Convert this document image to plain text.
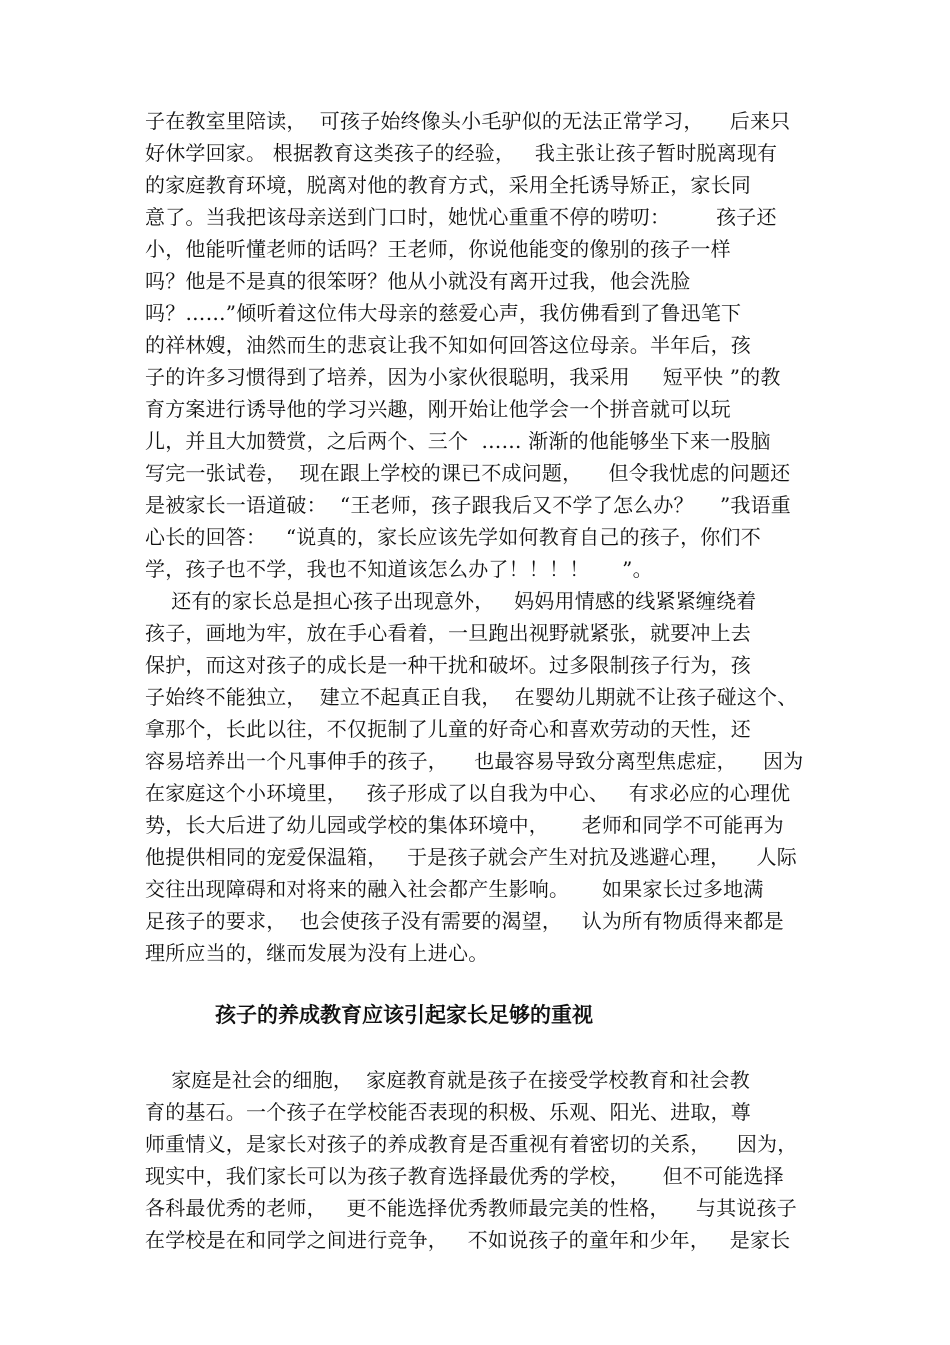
子在教室里陪读，  可孩子始终像头小毛驴似的无法正常学习，    后来只

好休学回家。 根据教育这类孩子的经验，   我主张让孩子暂时脱离现有

的家庭教育环境，脱离对他的教育方式，采用全托诱导矫正，家长同

意了。当我把该母亲送到门口时，她忧心重重不停的唠叨：       孩子还

小，他能听懂老师的话吗？王老师，你说他能变的像别的孩子一样

吗？他是不是真的很笨呀？他从小就没有离开过我，他会洗脸

吗？……”倾听着这位伟大母亲的慈爱心声，我仿佛看到了鲁迅笔下

的祥林嫂，油然而生的悲哀让我不知如何回答这位母亲。半年后，孩

子的许多习惯得到了培养，因为小家伙很聪明，我采用     短平快 ”的教

育方案进行诱导他的学习兴趣，刚开始让他学会一个拼音就可以玩

儿，并且大加赞赏，之后两个、三个  …… 渐渐的他能够坐下来一股脑

写完一张试卷，  现在跟上学校的课已不成问题，    但令我忧虑的问题还

是被家长一语道破：  “王老师，孩子跟我后又不学了怎么办？    ”我语重

心长的回答：   “说真的，家长应该先学如何教育自己的孩子，你们不

学，孩子也不学，我也不知道该怎么办了！！！！     ”。

还有的家长总是担心孩子出现意外，   妈妈用情感的线紧紧缠绕着

孩子，画地为牢，放在手心看着，一旦跑出视野就紧张，就要冲上去

保护，而这对孩子的成长是一种干扰和破坏。过多限制孩子行为，孩

子始终不能独立，  建立不起真正自我，  在婴幼儿期就不让孩子碰这个、

拿那个，长此以往，不仅扼制了儿童的好奇心和喜欢劳动的天性，还

容易培养出一个凡事伸手的孩子，    也最容易导致分离型焦虑症，    因为

在家庭这个小环境里，   孩子形成了以自我为中心、   有求必应的心理优

势，长大后进了幼儿园或学校的集体环境中，     老师和同学不可能再为

他提供相同的宠爱保温箱，   于是孩子就会产生对抗及逃避心理，    人际

交往出现障碍和对将来的融入社会都产生影响。     如果家长过多地满

足孩子的要求，  也会使孩子没有需要的渴望，   认为所有物质得来都是

理所应当的，继而发展为没有上进心。

孩子的养成教育应该引起家长足够的重视

家庭是社会的细胞，  家庭教育就是孩子在接受学校教育和社会教

育的基石。一个孩子在学校能否表现的积极、乐观、阳光、进取，尊

师重情义，是家长对孩子的养成教育是否重视有着密切的关系，    因为，

现实中，我们家长可以为孩子教育选择最优秀的学校，     但不可能选择

各科最优秀的老师，   更不能选择优秀教师最完美的性格，    与其说孩子

在学校是在和同学之间进行竞争，   不如说孩子的童年和少年，   是家长
